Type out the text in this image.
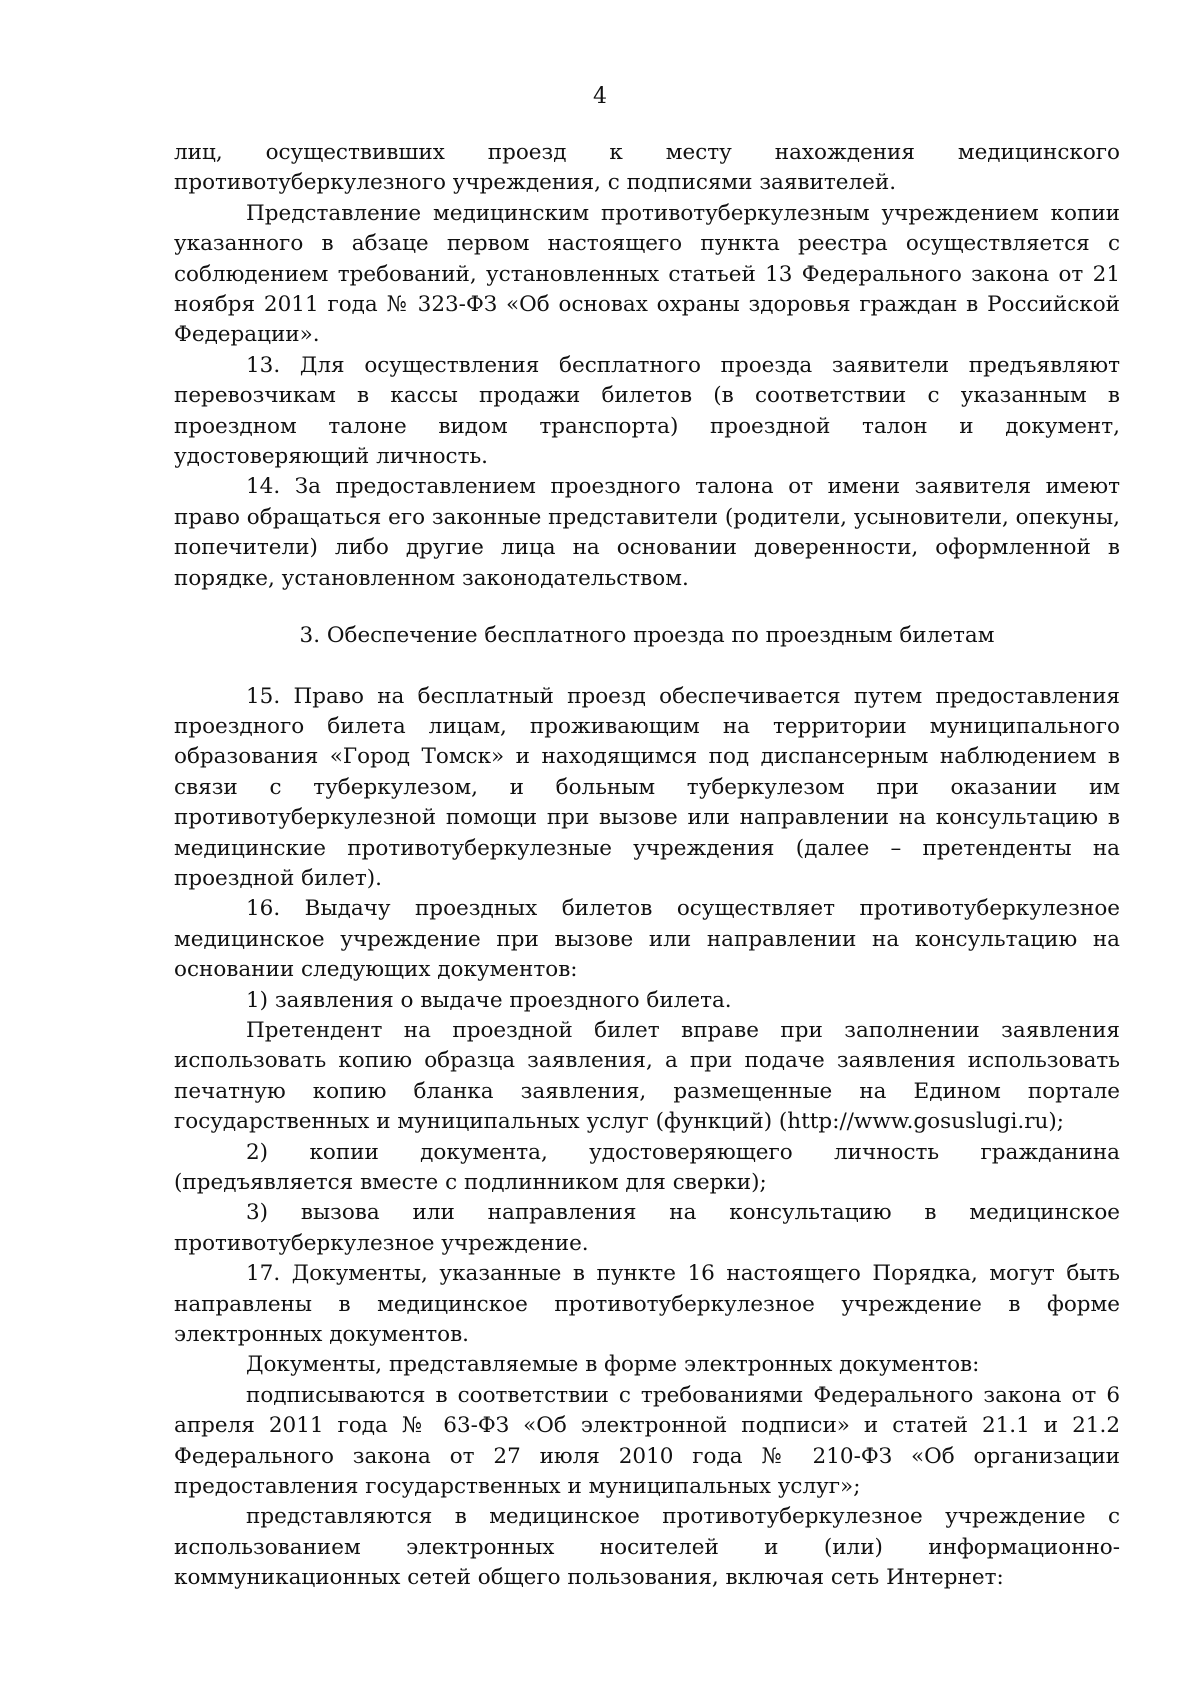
4

лиц, осуществивших проезд к месту нахождения медицинского противотуберкулезного учреждения, с подписями заявителей.

Представление медицинским противотуберкулезным учреждением копии указанного в абзаце первом настоящего пункта реестра осуществляется с соблюдением требований, установленных статьей 13 Федерального закона от 21 ноября 2011 года № 323-ФЗ «Об основах охраны здоровья граждан в Российской Федерации».

13. Для осуществления бесплатного проезда заявители предъявляют перевозчикам в кассы продажи билетов (в соответствии с указанным в проездном талоне видом транспорта) проездной талон и документ, удостоверяющий личность.

14. За предоставлением проездного талона от имени заявителя имеют право обращаться его законные представители (родители, усыновители, опекуны, попечители) либо другие лица на основании доверенности, оформленной в порядке, установленном законодательством.

3. Обеспечение бесплатного проезда по проездным билетам

15. Право на бесплатный проезд обеспечивается путем предоставления проездного билета лицам, проживающим на территории муниципального образования «Город Томск» и находящимся под диспансерным наблюдением в связи с туберкулезом, и больным туберкулезом при оказании им противотуберкулезной помощи при вызове или направлении на консультацию в медицинские противотуберкулезные учреждения (далее – претенденты на проездной билет).

16. Выдачу проездных билетов осуществляет противотуберкулезное медицинское учреждение при вызове или направлении на консультацию на основании следующих документов:

1) заявления о выдаче проездного билета.

Претендент на проездной билет вправе при заполнении заявления использовать копию образца заявления, а при подаче заявления использовать печатную копию бланка заявления, размещенные на Едином портале государственных и муниципальных услуг (функций) (http://www.gosuslugi.ru);

2) копии документа, удостоверяющего личность гражданина (предъявляется вместе с подлинником для сверки);

3) вызова или направления на консультацию в медицинское противотуберкулезное учреждение.

17. Документы, указанные в пункте 16 настоящего Порядка, могут быть направлены в медицинское противотуберкулезное учреждение в форме электронных документов.

Документы, представляемые в форме электронных документов:

подписываются в соответствии с требованиями Федерального закона от 6 апреля 2011 года № 63-ФЗ «Об электронной подписи» и статей 21.1 и 21.2 Федерального закона от 27 июля 2010 года № 210-ФЗ «Об организации предоставления государственных и муниципальных услуг»;

представляются в медицинское противотуберкулезное учреждение с использованием электронных носителей и (или) информационно-коммуникационных сетей общего пользования, включая сеть Интернет:
